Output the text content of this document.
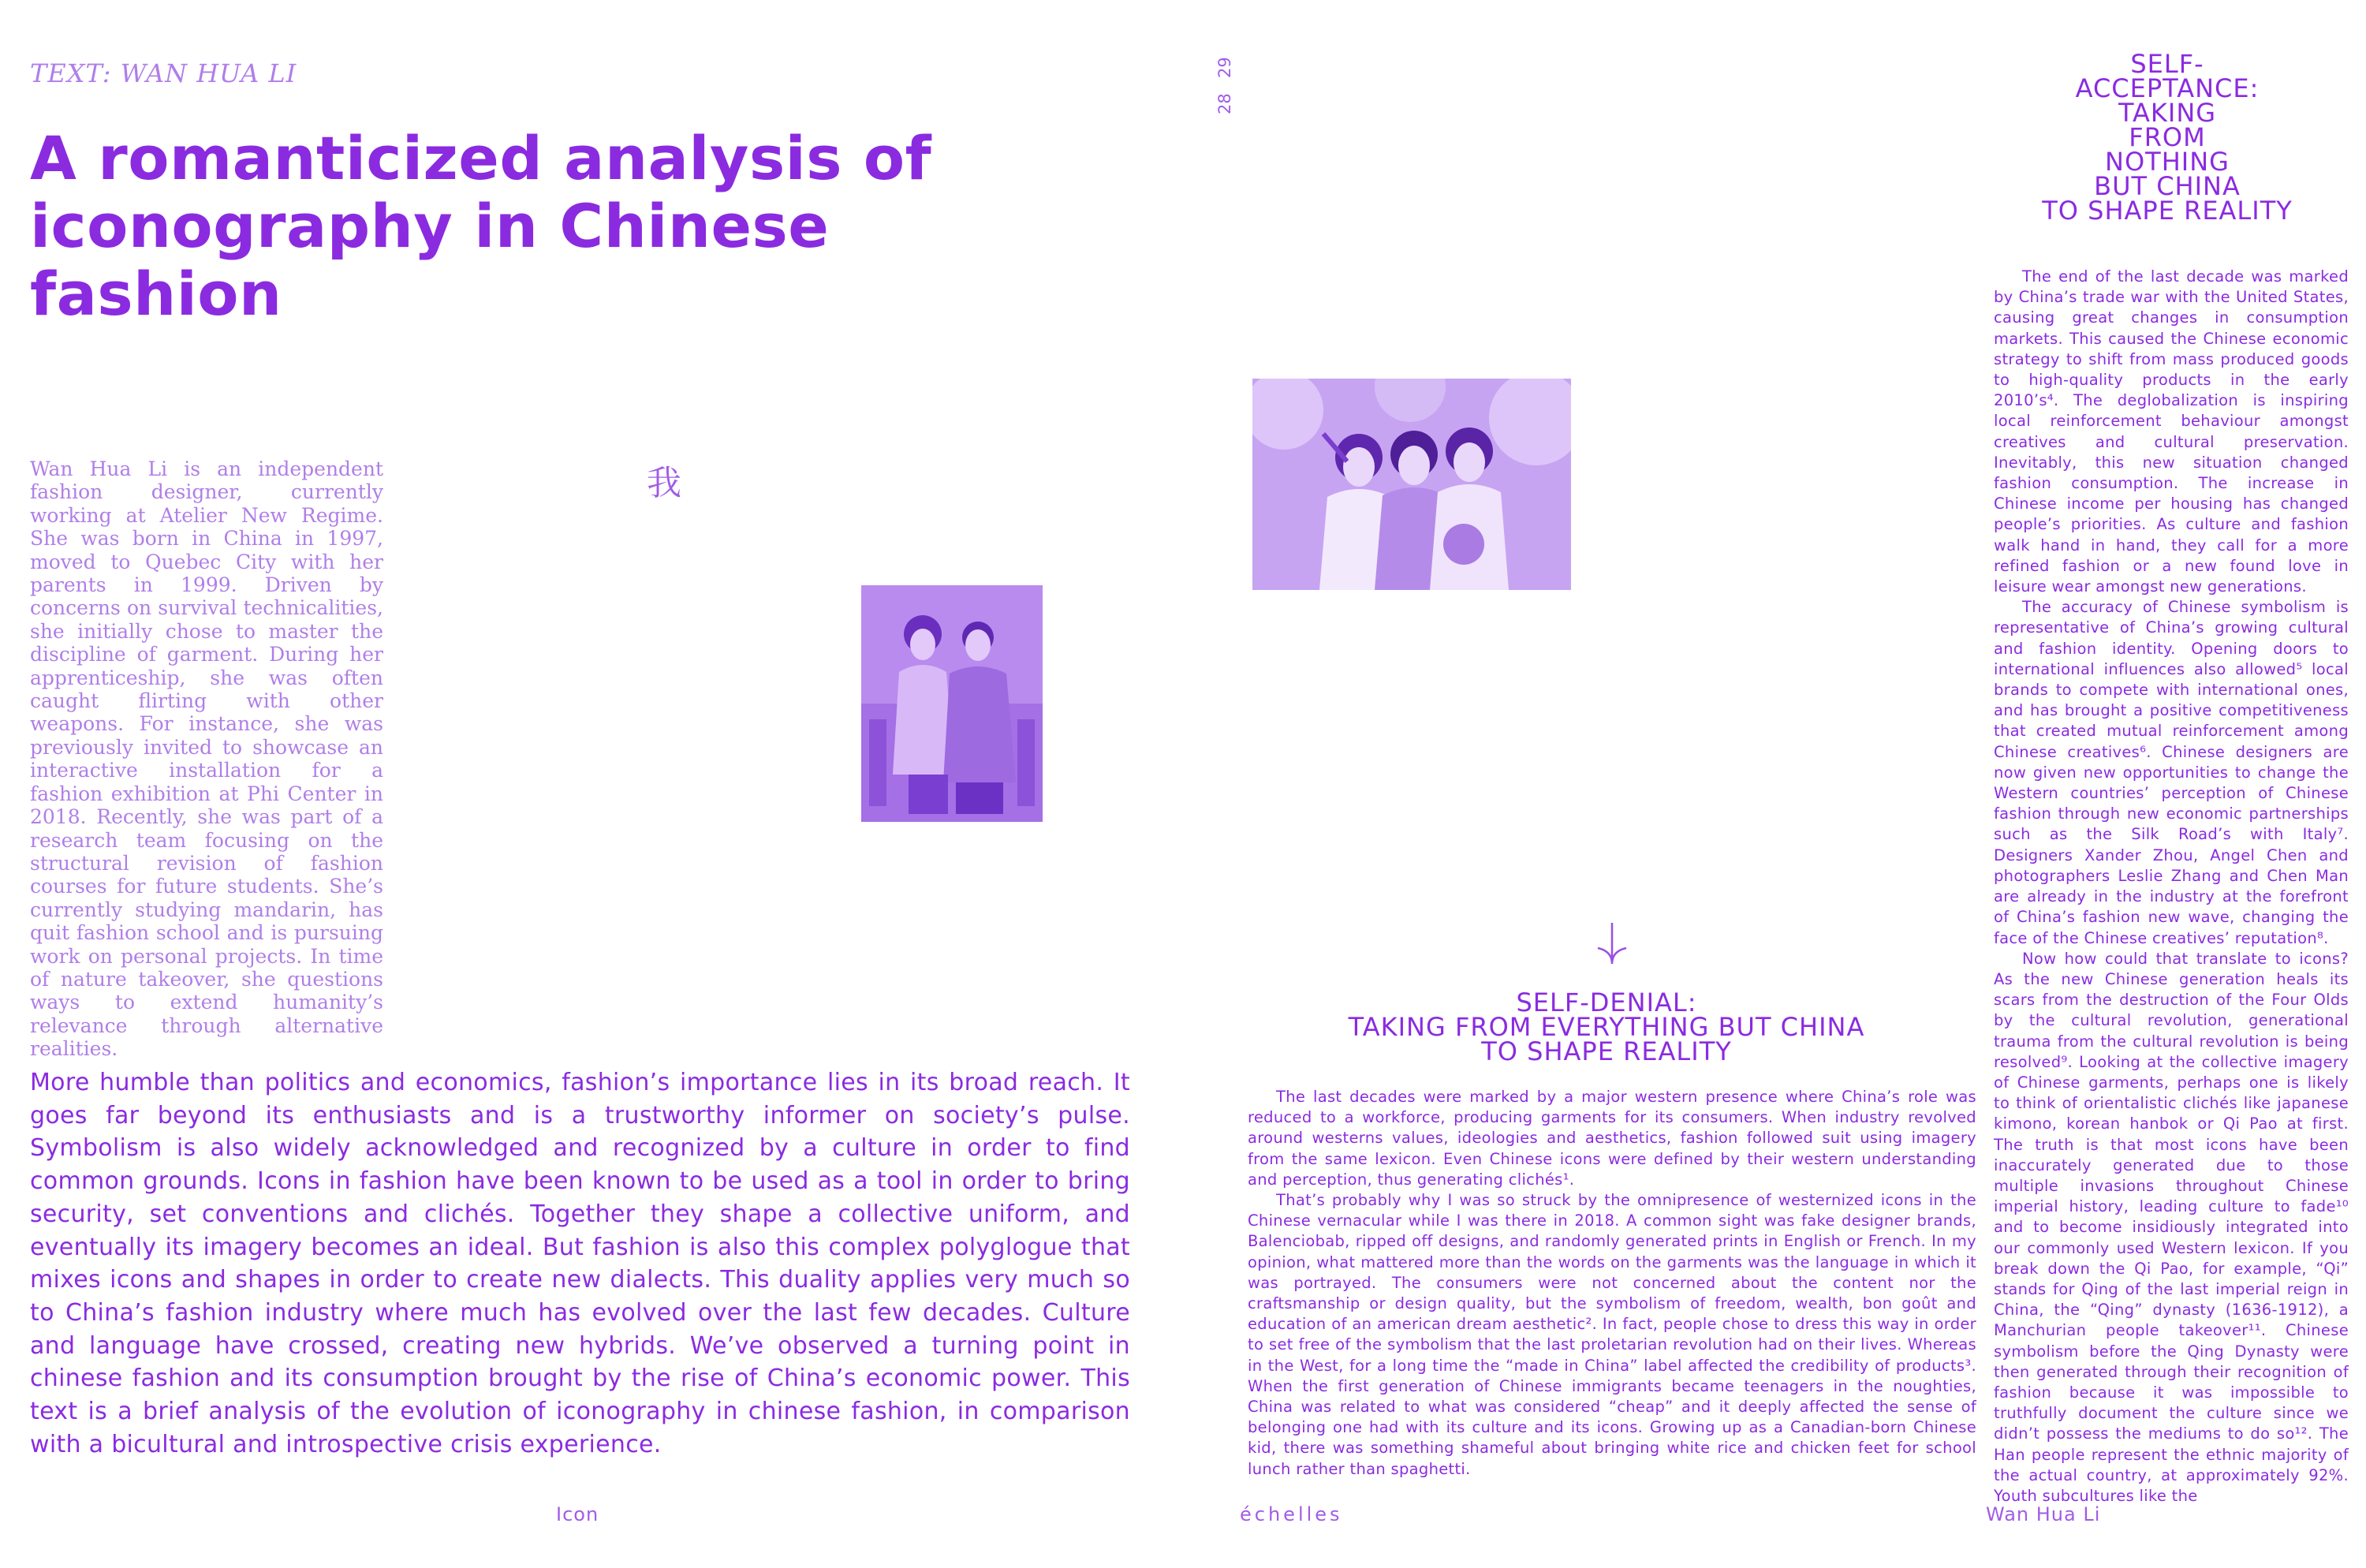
TEXT: WAN HUA LI
A romanticized analysis of iconography in Chinese fashion
Wan Hua Li is an independent fashion designer, currently working at Atelier New Regime. She was born in China in 1997, moved to Quebec City with her parents in 1999. Driven by concerns on survival technicalities, she initially chose to master the discipline of garment. During her apprenticeship, she was often caught flirting with other weapons. For instance, she was previously invited to showcase an interactive installation for a fashion exhibition at Phi Center in 2018. Recently, she was part of a research team focusing on the structural revision of fashion courses for future students. She’s currently studying mandarin, has quit fashion school and is pursuing work on personal projects. In time of nature takeover, she questions ways to extend humanity’s relevance through alternative realities.
我
More humble than politics and economics, fashion’s importance lies in its broad reach. It goes far beyond its enthusiasts and is a trustworthy informer on society’s pulse. Symbolism is also widely acknowledged and recognized by a culture in order to find common grounds. Icons in fashion have been known to be used as a tool in order to bring security, set conventions and clichés. Together they shape a collective uniform, and eventually its imagery becomes an ideal. But fashion is also this complex polyglogue that mixes icons and shapes in order to create new dialects. This duality applies very much so to China’s fashion industry where much has evolved over the last few decades. Culture and language have crossed, creating new hybrids. We’ve observed a turning point in chinese fashion and its consumption brought by the rise of China’s economic power. This text is a brief analysis of the evolution of iconography in chinese fashion, in comparison with a bicultural and introspective crisis experience.
29
28
SELF-
ACCEPTANCE:
TAKING
FROM
NOTHING
BUT CHINA
TO SHAPE REALITY
SELF-DENIAL:
TAKING FROM EVERYTHING BUT CHINA
TO SHAPE REALITY

The last decades were marked by a major western presence where China’s role was reduced to a workforce, producing garments for its consumers. When industry revolved around westerns values, ideologies and aesthetics, fashion followed suit using imagery from the same lexicon. Even Chinese icons were defined by their western understanding and perception, thus generating clichés¹.

That’s probably why I was so struck by the omnipresence of westernized icons in the Chinese vernacular while I was there in 2018. A common sight was fake designer brands, Balenciobab, ripped off designs, and randomly generated prints in English or French. In my opinion, what mattered more than the words on the garments was the language in which it was portrayed. The consumers were not concerned about the content nor the craftsmanship or design quality, but the symbolism of freedom, wealth, bon goût and education of an american dream aesthetic². In fact, people chose to dress this way in order to set free of the symbolism that the last proletarian revolution had on their lives. Whereas in the West, for a long time the “made in China” label affected the credibility of products³. When the first generation of Chinese immigrants became teenagers in the noughties, China was related to what was considered “cheap” and it deeply affected the sense of belonging one had with its culture and its icons. Growing up as a Canadian-born Chinese kid, there was something shameful about bringing white rice and chicken feet for school lunch rather than spaghetti.

The end of the last decade was marked by China’s trade war with the United States, causing great changes in consumption markets. This caused the Chinese economic strategy to shift from mass produced goods to high-quality products in the early 2010’s⁴. The deglobalization is inspiring local reinforcement behaviour amongst creatives and cultural preservation. Inevitably, this new situation changed fashion consumption. The increase in Chinese income per housing has changed people’s priorities. As culture and fashion walk hand in hand, they call for a more refined fashion or a new found love in leisure wear amongst new generations.

The accuracy of Chinese symbolism is representative of China’s growing cultural and fashion identity. Opening doors to international influences also allowed⁵ local brands to compete with international ones, and has brought a positive competitiveness that created mutual reinforcement among Chinese creatives⁶. Chinese designers are now given new opportunities to change the Western countries’ perception of Chinese fashion through new economic partnerships such as the Silk Road’s with Italy⁷. Designers Xander Zhou, Angel Chen and photographers Leslie Zhang and Chen Man are already in the industry at the forefront of China’s fashion new wave, changing the face of the Chinese creatives’ reputation⁸.

Now how could that translate to icons? As the new Chinese generation heals its scars from the destruction of the Four Olds by the cultural revolution, generational trauma from the cultural revolution is being resolved⁹. Looking at the collective imagery of Chinese garments, perhaps one is likely to think of orientalistic clichés like japanese kimono, korean hanbok or Qi Pao at first. The truth is that most icons have been inaccurately generated due to those multiple invasions throughout Chinese imperial history, leading culture to fade¹⁰ and to become insidiously integrated into our commonly used Western lexicon. If you break down the Qi Pao, for example, “Qi” stands for Qing of the last imperial reign in China, the “Qing” dynasty (1636-1912), a Manchurian people takeover¹¹. Chinese symbolism before the Qing Dynasty were then generated through their recognition of fashion because it was impossible to truthfully document the culture since we didn’t possess the mediums to do so¹². The Han people represent the ethnic majority of the actual country, at approximately 92%. Youth subcultures like the

Icon	échelles	Wan Hua Li
